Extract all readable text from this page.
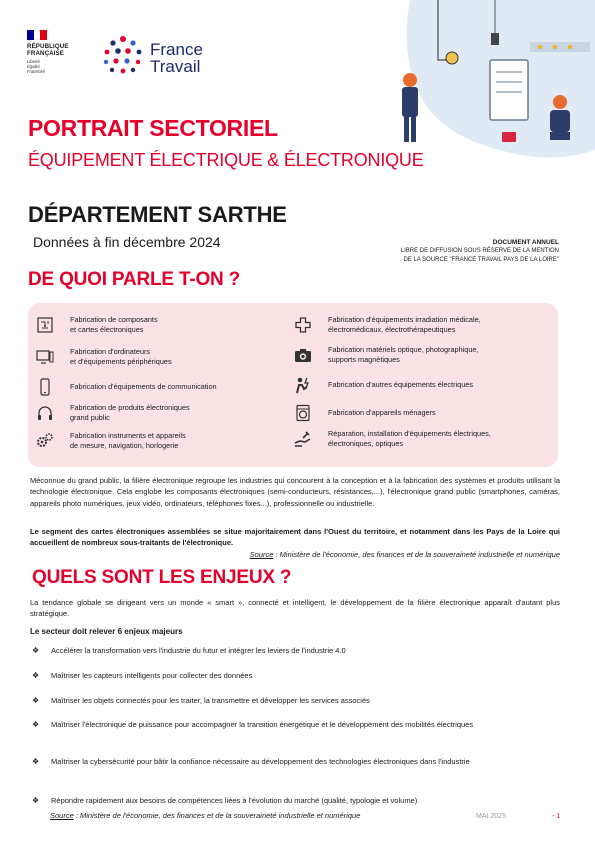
RÉPUBLIQUE
FRANÇAISE
Liberté
Égalité
Fraternité
France
Travail
PORTRAIT SECTORIEL
ÉQUIPEMENT ÉLECTRIQUE & ÉLECTRONIQUE
DÉPARTEMENT SARTHE
Données à fin décembre 2024	DOCUMENT ANNUEL
LIBRE DE DIFFUSION SOUS RÉSERVE DE LA MENTION
DE LA SOURCE "FRANCE TRAVAIL PAYS DE LA LOIRE"
DE QUOI PARLE T-ON ?
Fabrication de composants
et cartes électroniques
Fabrication d'ordinateurs
et d'équipements périphériques
Fabrication d'équipements de communication
Fabrication de produits électroniques
grand public
Fabrication instruments et appareils
de mesure, navigation, horlogerie
Fabrication d'équipements irradiation médicale,
électromédicaux, électrothérapeutiques
Fabrication matériels optique, photographique,
supports magnétiques
Fabrication d'autres équipements électriques
Fabrication d'appareils ménagers
Réparation, installation d'équipements électriques,
électroniques, optiques
Méconnue du grand public, la filière électronique regroupe les industries qui concourent à la conception et à la fabrication des systèmes et produits utilisant la technologie électronique. Cela englobe les composants électroniques (semi-conducteurs, résistances,...), l'électronique grand public (smartphones, caméras, appareils photo numériques, jeux vidéo, ordinateurs, téléphones fixes...), professionnelle ou industrielle.
Le segment des cartes électroniques assemblées se situe majoritairement dans l'Ouest du territoire, et notamment dans les Pays de la Loire qui accueillent de nombreux sous-traitants de l'électronique.
Source : Ministère de l'économie, des finances et de la souveraineté industrielle et numérique
QUELS SONT LES ENJEUX ?
La tendance globale se dirigeant vers un monde « smart », connecté et intelligent, le développement de la filière électronique apparaît d'autant plus stratégique.
Le secteur doit relever 6 enjeux majeurs
❖	Accélérer la transformation vers l'industrie du futur et intégrer les leviers de l'industrie 4.0
❖	Maîtriser les capteurs intelligents pour collecter des données
❖	Maîtriser les objets connectés pour les traiter, la transmettre et développer les services associés
❖	Maîtriser l'électronique de puissance pour accompagner la transition énergétique et le développement des mobilités électriques
❖	Maîtriser la cybersécurité pour bâtir la confiance nécessaire au développement des technologies électroniques dans l'industrie
❖	Répondre rapidement aux besoins de compétences liées à l'évolution du marché (qualité, typologie et volume)
Source : Ministère de l'économie, des finances et de la souveraineté industrielle et numérique	MAI 2025	- 1
